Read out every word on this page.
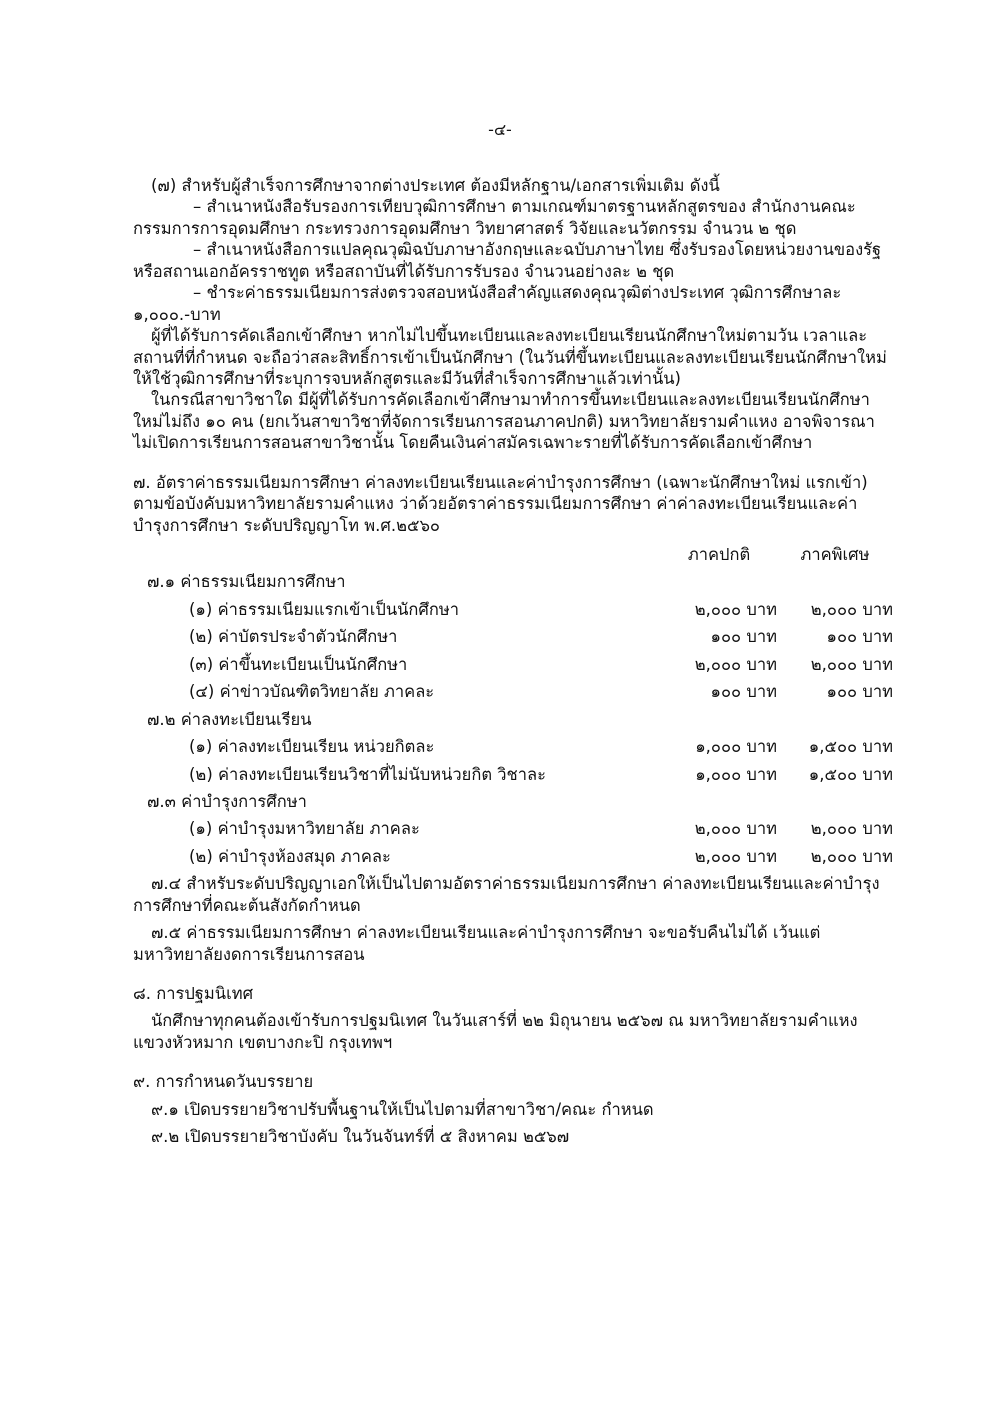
-๔-

(๗) สำหรับผู้สำเร็จการศึกษาจากต่างประเทศ ต้องมีหลักฐาน/เอกสารเพิ่มเติม ดังนี้

– สำเนาหนังสือรับรองการเทียบวุฒิการศึกษา ตามเกณฑ์มาตรฐานหลักสูตรของ สำนักงานคณะกรรมการการอุดมศึกษา กระทรวงการอุดมศึกษา วิทยาศาสตร์ วิจัยและนวัตกรรม จำนวน ๒ ชุด

– สำเนาหนังสือการแปลคุณวุฒิฉบับภาษาอังกฤษและฉบับภาษาไทย ซึ่งรับรองโดยหน่วยงานของรัฐหรือสถานเอกอัครราชทูต หรือสถาบันที่ได้รับการรับรอง จำนวนอย่างละ ๒ ชุด

– ชำระค่าธรรมเนียมการส่งตรวจสอบหนังสือสำคัญแสดงคุณวุฒิต่างประเทศ วุฒิการศึกษาละ ๑,๐๐๐.-บาท

ผู้ที่ได้รับการคัดเลือกเข้าศึกษา หากไม่ไปขึ้นทะเบียนและลงทะเบียนเรียนนักศึกษาใหม่ตามวัน เวลาและสถานที่ที่กำหนด จะถือว่าสละสิทธิ์การเข้าเป็นนักศึกษา (ในวันที่ขึ้นทะเบียนและลงทะเบียนเรียนนักศึกษาใหม่ ให้ใช้วุฒิการศึกษาที่ระบุการจบหลักสูตรและมีวันที่สำเร็จการศึกษาแล้วเท่านั้น)

ในกรณีสาขาวิชาใด มีผู้ที่ได้รับการคัดเลือกเข้าศึกษามาทำการขึ้นทะเบียนและลงทะเบียนเรียนนักศึกษาใหม่ไม่ถึง ๑๐ คน (ยกเว้นสาขาวิชาที่จัดการเรียนการสอนภาคปกติ) มหาวิทยาลัยรามคำแหง อาจพิจารณาไม่เปิดการเรียนการสอนสาขาวิชานั้น โดยคืนเงินค่าสมัครเฉพาะรายที่ได้รับการคัดเลือกเข้าศึกษา

๗. อัตราค่าธรรมเนียมการศึกษา ค่าลงทะเบียนเรียนและค่าบำรุงการศึกษา (เฉพาะนักศึกษาใหม่ แรกเข้า) ตามข้อบังคับมหาวิทยาลัยรามคำแหง ว่าด้วยอัตราค่าธรรมเนียมการศึกษา ค่าค่าลงทะเบียนเรียนและค่าบำรุงการศึกษา ระดับปริญญาโท พ.ศ.๒๕๖๐

ภาคปกติ	ภาคพิเศษ
๗.๑ ค่าธรรมเนียมการศึกษา
(๑) ค่าธรรมเนียมแรกเข้าเป็นนักศึกษา	๒,๐๐๐ บาท	๒,๐๐๐ บาท
(๒) ค่าบัตรประจำตัวนักศึกษา	๑๐๐ บาท	๑๐๐ บาท
(๓) ค่าขึ้นทะเบียนเป็นนักศึกษา	๒,๐๐๐ บาท	๒,๐๐๐ บาท
(๔) ค่าข่าวบัณฑิตวิทยาลัย ภาคละ	๑๐๐ บาท	๑๐๐ บาท
๗.๒ ค่าลงทะเบียนเรียน
(๑) ค่าลงทะเบียนเรียน หน่วยกิตละ	๑,๐๐๐ บาท	๑,๕๐๐ บาท
(๒) ค่าลงทะเบียนเรียนวิชาที่ไม่นับหน่วยกิต วิชาละ	๑,๐๐๐ บาท	๑,๕๐๐ บาท
๗.๓ ค่าบำรุงการศึกษา
(๑) ค่าบำรุงมหาวิทยาลัย ภาคละ	๒,๐๐๐ บาท	๒,๐๐๐ บาท
(๒) ค่าบำรุงห้องสมุด ภาคละ	๒,๐๐๐ บาท	๒,๐๐๐ บาท

๗.๔ สำหรับระดับปริญญาเอกให้เป็นไปตามอัตราค่าธรรมเนียมการศึกษา ค่าลงทะเบียนเรียนและค่าบำรุงการศึกษาที่คณะต้นสังกัดกำหนด

๗.๕ ค่าธรรมเนียมการศึกษา ค่าลงทะเบียนเรียนและค่าบำรุงการศึกษา จะขอรับคืนไม่ได้ เว้นแต่มหาวิทยาลัยงดการเรียนการสอน

๘. การปฐมนิเทศ

นักศึกษาทุกคนต้องเข้ารับการปฐมนิเทศ ในวันเสาร์ที่ ๒๒ มิถุนายน ๒๕๖๗ ณ มหาวิทยาลัยรามคำแหง แขวงหัวหมาก เขตบางกะปิ กรุงเทพฯ

๙. การกำหนดวันบรรยาย

๙.๑ เปิดบรรยายวิชาปรับพื้นฐานให้เป็นไปตามที่สาขาวิชา/คณะ กำหนด

๙.๒ เปิดบรรยายวิชาบังคับ ในวันจันทร์ที่ ๕ สิงหาคม ๒๕๖๗
